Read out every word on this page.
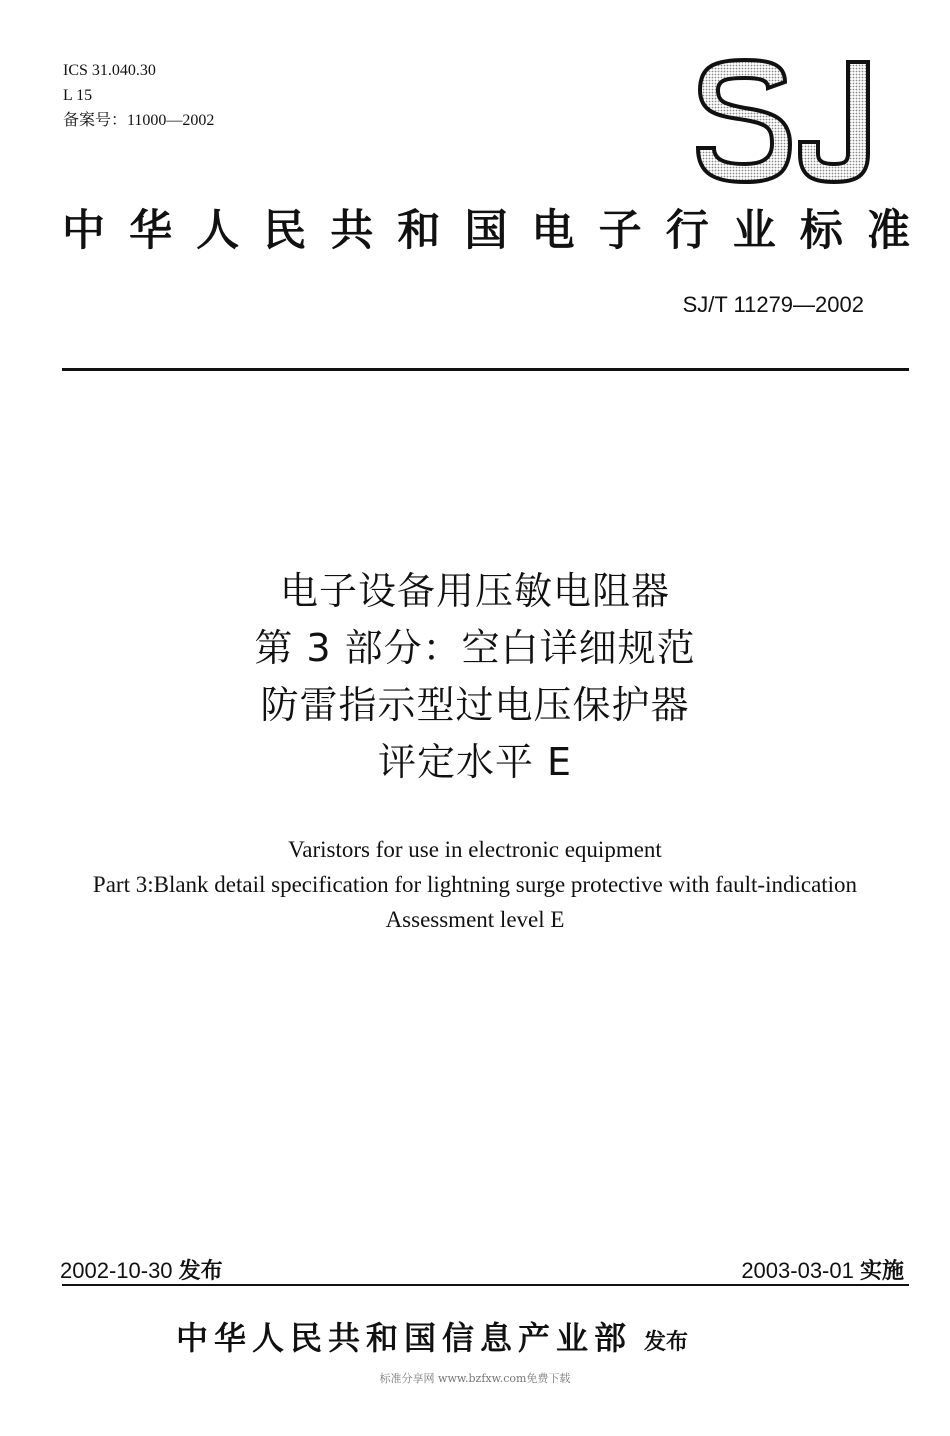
ICS 31.040.30
L 15
备案号：11000—2002
中 华 人 民 共 和 国 电 子 行 业 标 准
SJ/T 11279—2002
电子设备用压敏电阻器
第 3 部分：空白详细规范
防雷指示型过电压保护器
评定水平 E
Varistors for use in electronic equipment
Part 3:Blank detail specification for lightning surge protective with fault-indication
Assessment level E
2002-10-30 发布	2003-03-01 实施
中华人民共和国信息产业部 发布
标准分享网 www.bzfxw.com免费下载
